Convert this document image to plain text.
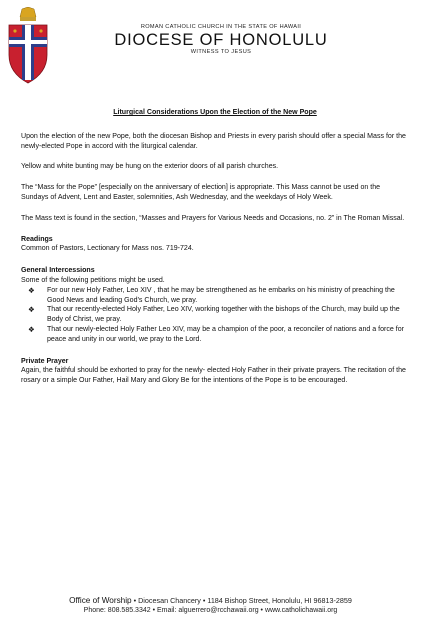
ROMAN CATHOLIC CHURCH IN THE STATE OF HAWAII
DIOCESE OF HONOLULU
WITNESS TO JESUS
Liturgical Considerations Upon the Election of the New Pope

Upon the election of the new Pope, both the diocesan Bishop and Priests in every parish should offer a special Mass for the newly-elected Pope in accord with the liturgical calendar.

Yellow and white bunting may be hung on the exterior doors of all parish churches.

The “Mass for the Pope” [especially on the anniversary of election] is appropriate. This Mass cannot be used on the Sundays of Advent, Lent and Easter, solemnities, Ash Wednesday, and the weekdays of Holy Week.

The Mass text is found in the section, “Masses and Prayers for Various Needs and Occasions, no. 2” in The Roman Missal.

Readings
Common of Pastors, Lectionary for Mass nos. 719-724.
General Intercessions
Some of the following petitions might be used.
❖ For our new Holy Father, Leo XIV , that he may be strengthened as he embarks on his ministry of preaching the Good News and leading God’s Church, we pray.
❖ That our recently-elected Holy Father, Leo XIV, working together with the bishops of the Church, may build up the Body of Christ, we pray.
❖ That our newly-elected Holy Father Leo XIV, may be a champion of the poor, a reconciler of nations and a force for peace and unity in our world, we pray to the Lord.
Private Prayer
Again, the faithful should be exhorted to pray for the newly- elected Holy Father in their private prayers. The recitation of the rosary or a simple Our Father, Hail Mary and Glory Be for the intentions of the Pope is to be encouraged.
Office of Worship • Diocesan Chancery • 1184 Bishop Street, Honolulu, HI 96813-2859
Phone: 808.585.3342 • Email: alguerrero@rcchawaii.org • www.catholichawaii.org
